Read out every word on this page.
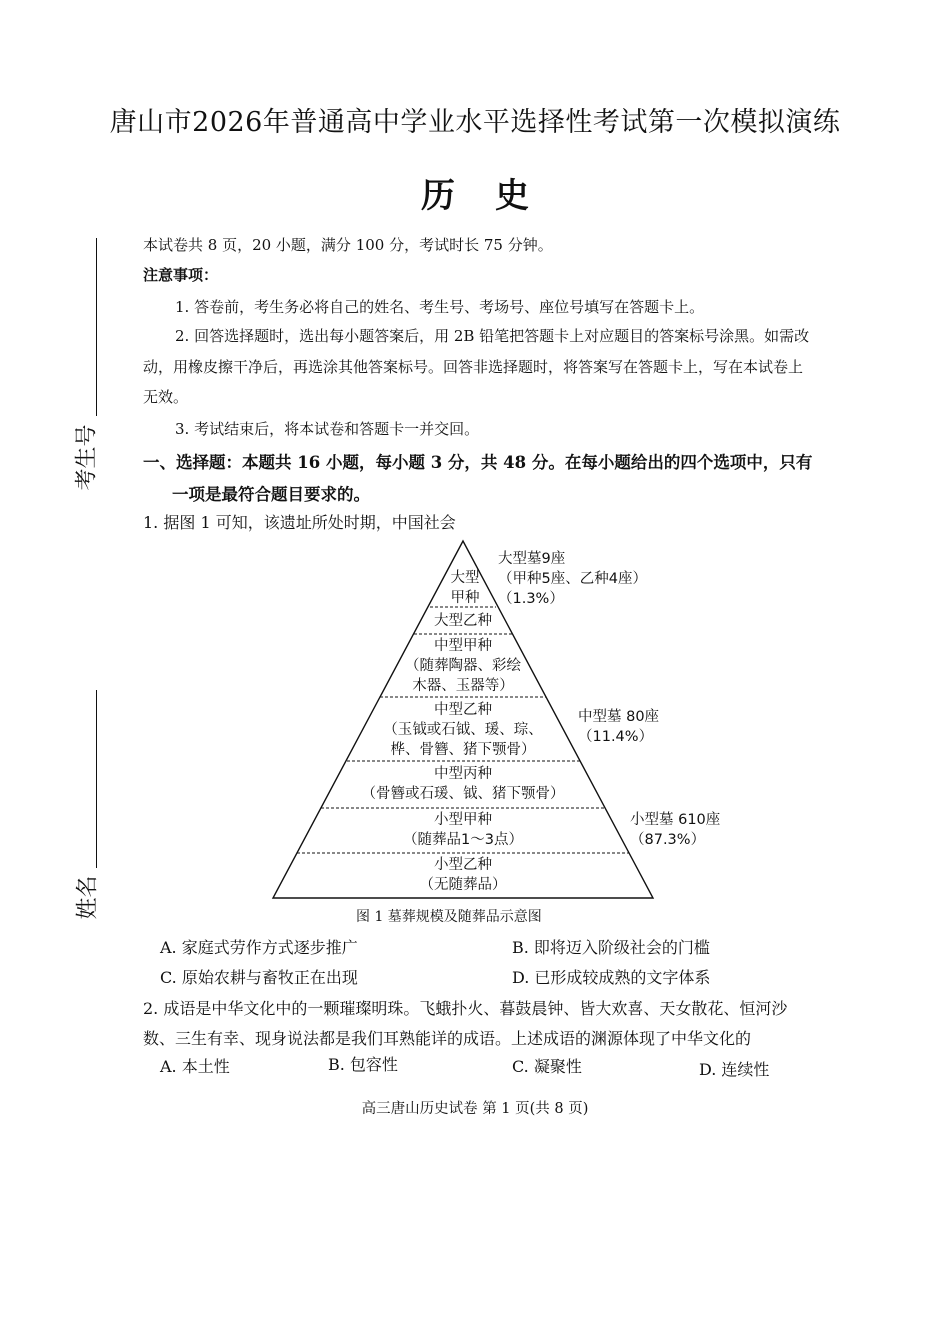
唐山市2026年普通高中学业水平选择性考试第一次模拟演练
历史
考生号
姓名
本试卷共 8 页，20 小题，满分 100 分，考试时长 75 分钟。
注意事项：
1. 答卷前，考生务必将自己的姓名、考生号、考场号、座位号填写在答题卡上。
2. 回答选择题时，选出每小题答案后，用 2B 铅笔把答题卡上对应题目的答案标号涂黑。如需改
动，用橡皮擦干净后，再选涂其他答案标号。回答非选择题时，将答案写在答题卡上，写在本试卷上
无效。
3. 考试结束后，将本试卷和答题卡一并交回。
一、选择题：本题共 16 小题，每小题 3 分，共 48 分。在每小题给出的四个选项中，只有
一项是最符合题目要求的。
1. 据图 1 可知，该遗址所处时期，中国社会
大型
甲种
大型乙种
中型甲种
（随葬陶器、彩绘
木器、玉器等）
中型乙种
（玉钺或石钺、瑗、琮、
桦、骨簪、猪下颚骨）
中型丙种
（骨簪或石瑗、钺、猪下颚骨）
小型甲种
（随葬品1～3点）
小型乙种
（无随葬品）
大型墓9座
（甲种5座、乙种4座）
（1.3%）
中型墓 80座
（11.4%）
小型墓 610座
（87.3%）
图 1 墓葬规模及随葬品示意图
A. 家庭式劳作方式逐步推广	B. 即将迈入阶级社会的门槛
C. 原始农耕与畜牧正在出现	D. 已形成较成熟的文字体系
2. 成语是中华文化中的一颗璀璨明珠。飞蛾扑火、暮鼓晨钟、皆大欢喜、天女散花、恒河沙
数、三生有幸、现身说法都是我们耳熟能详的成语。上述成语的渊源体现了中华文化的
A. 本土性	B. 包容性	C. 凝聚性	D. 连续性
高三唐山历史试卷 第 1 页(共 8 页)
